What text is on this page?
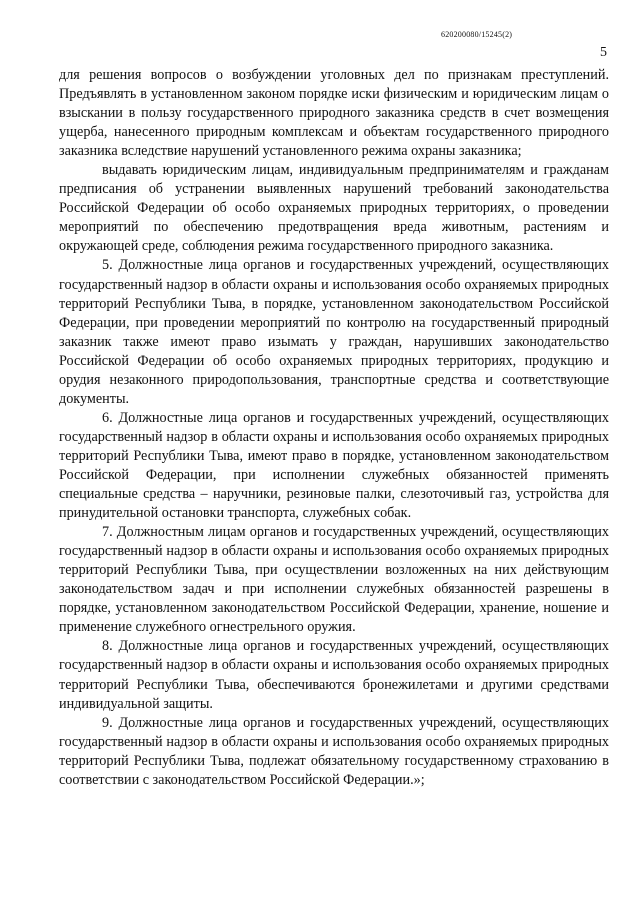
620200080/15245(2)
5

для решения вопросов о возбуждении уголовных дел по признакам преступлений. Предъявлять в установленном законом порядке иски физическим и юридическим лицам о взыскании в пользу государственного природного заказника средств в счет возмещения ущерба, нанесенного природным комплексам и объектам государственного природного заказника вследствие нарушений установленного режима охраны заказника;

выдавать юридическим лицам, индивидуальным предпринимателям и гражданам предписания об устранении выявленных нарушений требований законодательства Российской Федерации об особо охраняемых природных территориях, о проведении мероприятий по обеспечению предотвращения вреда животным, растениям и окружающей среде, соблюдения режима государственного природного заказника.

5. Должностные лица органов и государственных учреждений, осуществляющих государственный надзор в области охраны и использования особо охраняемых природных территорий Республики Тыва, в порядке, установленном законодательством Российской Федерации, при проведении мероприятий по контролю на государственный природный заказник также имеют право изымать у граждан, нарушивших законодательство Российской Федерации об особо охраняемых природных территориях, продукцию и орудия незаконного природопользования, транспортные средства и соответствующие документы.

6. Должностные лица органов и государственных учреждений, осуществляющих государственный надзор в области охраны и использования особо охраняемых природных территорий Республики Тыва, имеют право в порядке, установленном законодательством Российской Федерации, при исполнении служебных обязанностей применять специальные средства – наручники, резиновые палки, слезоточивый газ, устройства для принудительной остановки транспорта, служебных собак.

7. Должностным лицам органов и государственных учреждений, осуществляющих государственный надзор в области охраны и использования особо охраняемых природных территорий Республики Тыва, при осуществлении возложенных на них действующим законодательством задач и при исполнении служебных обязанностей разрешены в порядке, установленном законодательством Российской Федерации, хранение, ношение и применение служебного огнестрельного оружия.

8. Должностные лица органов и государственных учреждений, осуществляющих государственный надзор в области охраны и использования особо охраняемых природных территорий Республики Тыва, обеспечиваются бронежилетами и другими средствами индивидуальной защиты.

9. Должностные лица органов и государственных учреждений, осуществляющих государственный надзор в области охраны и использования особо охраняемых природных территорий Республики Тыва, подлежат обязательному государственному страхованию в соответствии с законодательством Российской Федерации.»;
